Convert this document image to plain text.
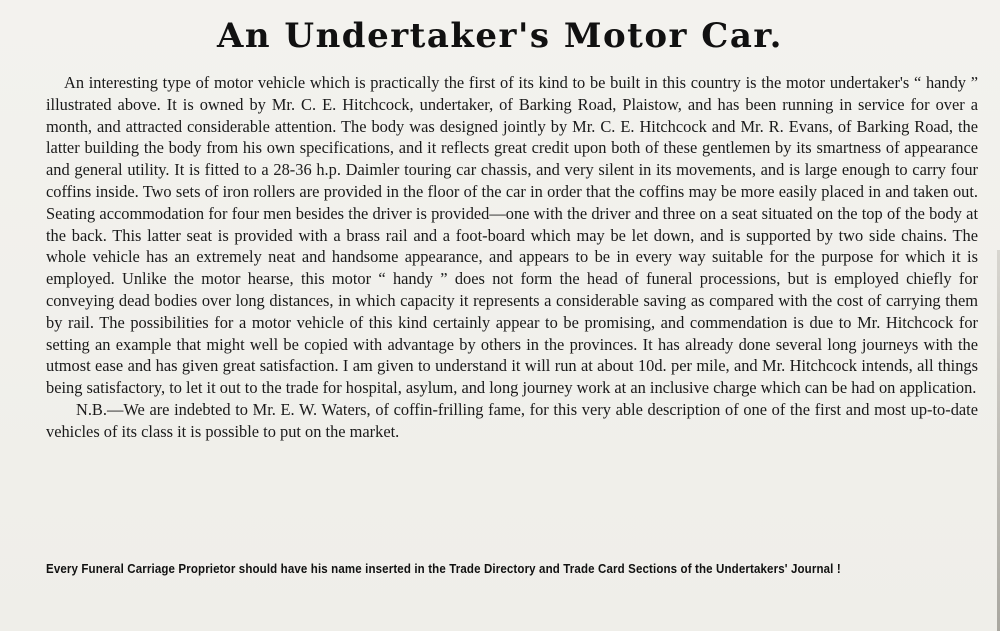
An Undertaker's Motor Car.

An interesting type of motor vehicle which is practically the first of its kind to be built in this country is the motor undertaker's “ handy ” illustrated above. It is owned by Mr. C. E. Hitchcock, undertaker, of Barking Road, Plaistow, and has been running in service for over a month, and attracted considerable attention. The body was designed jointly by Mr. C. E. Hitchcock and Mr. R. Evans, of Barking Road, the latter building the body from his own specifications, and it reflects great credit upon both of these gentlemen by its smartness of appearance and general utility. It is fitted to a 28-36 h.p. Daimler touring car chassis, and very silent in its movements, and is large enough to carry four coffins inside. Two sets of iron rollers are provided in the floor of the car in order that the coffins may be more easily placed in and taken out. Seating accommodation for four men besides the driver is provided—one with the driver and three on a seat situated on the top of the body at the back. This latter seat is provided with a brass rail and a foot-board which may be let down, and is supported by two side chains. The whole vehicle has an extremely neat and handsome appearance, and appears to be in every way suitable for the purpose for which it is employed. Unlike the motor hearse, this motor “ handy ” does not form the head of funeral processions, but is employed chiefly for conveying dead bodies over long distances, in which capacity it represents a considerable saving as compared with the cost of carrying them by rail. The possibilities for a motor vehicle of this kind certainly appear to be promising, and commendation is due to Mr. Hitchcock for setting an example that might well be copied with advantage by others in the provinces. It has already done several long journeys with the utmost ease and has given great satisfaction. I am given to understand it will run at about 10d. per mile, and Mr. Hitchcock intends, all things being satisfactory, to let it out to the trade for hospital, asylum, and long journey work at an inclusive charge which can be had on application.

N.B.—We are indebted to Mr. E. W. Waters, of coffin-frilling fame, for this very able description of one of the first and most up-to-date vehicles of its class it is possible to put on the market.

Every Funeral Carriage Proprietor should have his name inserted in the Trade Directory and Trade Card Sections of the Undertakers' Journal !
